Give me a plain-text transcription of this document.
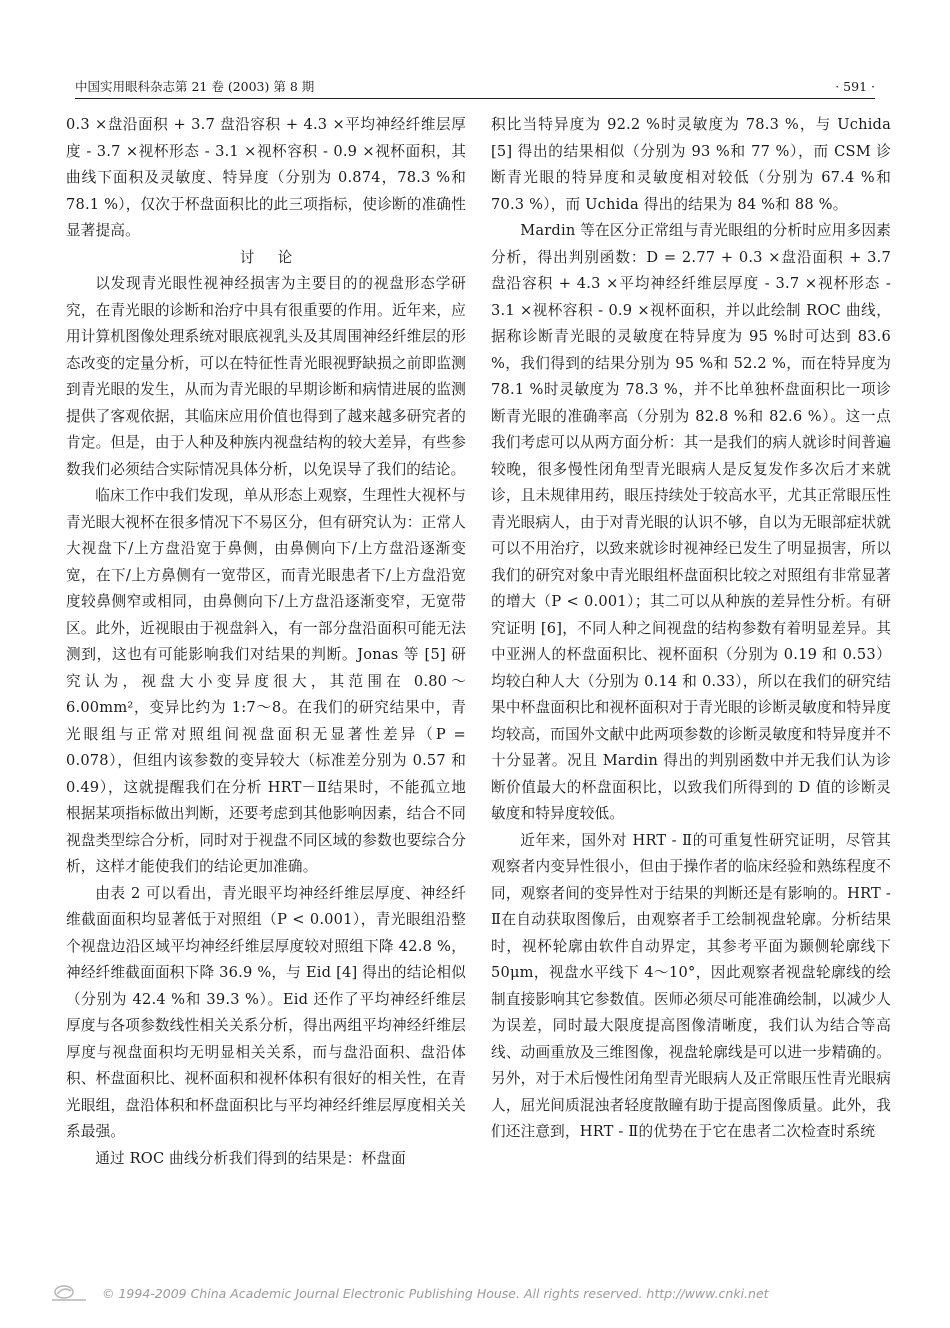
中国实用眼科杂志第 21 卷 (2003) 第 8 期	· 591 ·

0.3 ×盘沿面积 + 3.7 盘沿容积 + 4.3 ×平均神经纤维层厚度 - 3.7 ×视杯形态 - 3.1 ×视杯容积 - 0.9 ×视杯面积，其曲线下面积及灵敏度、特异度（分别为 0.874，78.3 %和 78.1 %），仅次于杯盘面积比的此三项指标，使诊断的准确性显著提高。

讨论

以发现青光眼性视神经损害为主要目的的视盘形态学研究，在青光眼的诊断和治疗中具有很重要的作用。近年来，应用计算机图像处理系统对眼底视乳头及其周围神经纤维层的形态改变的定量分析，可以在特征性青光眼视野缺损之前即监测到青光眼的发生，从而为青光眼的早期诊断和病情进展的监测提供了客观依据，其临床应用价值也得到了越来越多研究者的肯定。但是，由于人种及种族内视盘结构的较大差异，有些参数我们必须结合实际情况具体分析，以免误导了我们的结论。

临床工作中我们发现，单从形态上观察，生理性大视杯与青光眼大视杯在很多情况下不易区分，但有研究认为：正常人大视盘下/上方盘沿宽于鼻侧，由鼻侧向下/上方盘沿逐渐变宽，在下/上方鼻侧有一宽带区，而青光眼患者下/上方盘沿宽度较鼻侧窄或相同，由鼻侧向下/上方盘沿逐渐变窄，无宽带区。此外，近视眼由于视盘斜入，有一部分盘沿面积可能无法测到，这也有可能影响我们对结果的判断。Jonas 等 [5] 研究认为，视盘大小变异度很大，其范围在 0.80～6.00mm²，变异比约为 1:7～8。在我们的研究结果中，青光眼组与正常对照组间视盘面积无显著性差异（P = 0.078），但组内该参数的变异较大（标准差分别为 0.57 和 0.49），这就提醒我们在分析 HRT－Ⅱ结果时，不能孤立地根据某项指标做出判断，还要考虑到其他影响因素，结合不同视盘类型综合分析，同时对于视盘不同区域的参数也要综合分析，这样才能使我们的结论更加准确。

由表 2 可以看出，青光眼平均神经纤维层厚度、神经纤维截面面积均显著低于对照组（P < 0.001），青光眼组沿整个视盘边沿区域平均神经纤维层厚度较对照组下降 42.8 %，神经纤维截面面积下降 36.9 %，与 Eid [4] 得出的结论相似（分别为 42.4 %和 39.3 %）。Eid 还作了平均神经纤维层厚度与各项参数线性相关关系分析，得出两组平均神经纤维层厚度与视盘面积均无明显相关关系，而与盘沿面积、盘沿体积、杯盘面积比、视杯面积和视杯体积有很好的相关性，在青光眼组，盘沿体积和杯盘面积比与平均神经纤维层厚度相关关系最强。

通过 ROC 曲线分析我们得到的结果是：杯盘面

积比当特异度为 92.2 %时灵敏度为 78.3 %，与 Uchida [5] 得出的结果相似（分别为 93 %和 77 %），而 CSM 诊断青光眼的特异度和灵敏度相对较低（分别为 67.4 %和 70.3 %），而 Uchida 得出的结果为 84 %和 88 %。

Mardin 等在区分正常组与青光眼组的分析时应用多因素分析，得出判别函数：D = 2.77 + 0.3 ×盘沿面积 + 3.7 盘沿容积 + 4.3 ×平均神经纤维层厚度 - 3.7 ×视杯形态 - 3.1 ×视杯容积 - 0.9 ×视杯面积，并以此绘制 ROC 曲线，据称诊断青光眼的灵敏度在特异度为 95 %时可达到 83.6 %，我们得到的结果分别为 95 %和 52.2 %，而在特异度为 78.1 %时灵敏度为 78.3 %，并不比单独杯盘面积比一项诊断青光眼的准确率高（分别为 82.8 %和 82.6 %）。这一点我们考虑可以从两方面分析：其一是我们的病人就诊时间普遍较晚，很多慢性闭角型青光眼病人是反复发作多次后才来就诊，且未规律用药，眼压持续处于较高水平，尤其正常眼压性青光眼病人，由于对青光眼的认识不够，自以为无眼部症状就可以不用治疗，以致来就诊时视神经已发生了明显损害，所以我们的研究对象中青光眼组杯盘面积比较之对照组有非常显著的增大（P < 0.001）；其二可以从种族的差异性分析。有研究证明 [6]，不同人种之间视盘的结构参数有着明显差异。其中亚洲人的杯盘面积比、视杯面积（分别为 0.19 和 0.53）均较白种人大（分别为 0.14 和 0.33），所以在我们的研究结果中杯盘面积比和视杯面积对于青光眼的诊断灵敏度和特异度均较高，而国外文献中此两项参数的诊断灵敏度和特异度并不十分显著。况且 Mardin 得出的判别函数中并无我们认为诊断价值最大的杯盘面积比，以致我们所得到的 D 值的诊断灵敏度和特异度较低。

近年来，国外对 HRT - Ⅱ的可重复性研究证明，尽管其观察者内变异性很小，但由于操作者的临床经验和熟练程度不同，观察者间的变异性对于结果的判断还是有影响的。HRT - Ⅱ在自动获取图像后，由观察者手工绘制视盘轮廓。分析结果时，视杯轮廓由软件自动界定，其参考平面为颞侧轮廓线下 50μm，视盘水平线下 4～10°，因此观察者视盘轮廓线的绘制直接影响其它参数值。医师必须尽可能准确绘制，以减少人为误差，同时最大限度提高图像清晰度，我们认为结合等高线、动画重放及三维图像，视盘轮廓线是可以进一步精确的。另外，对于术后慢性闭角型青光眼病人及正常眼压性青光眼病人，屈光间质混浊者轻度散瞳有助于提高图像质量。此外，我们还注意到，HRT - Ⅱ的优势在于它在患者二次检查时系统

© 1994-2009 China Academic Journal Electronic Publishing House. All rights reserved. http://www.cnki.net
